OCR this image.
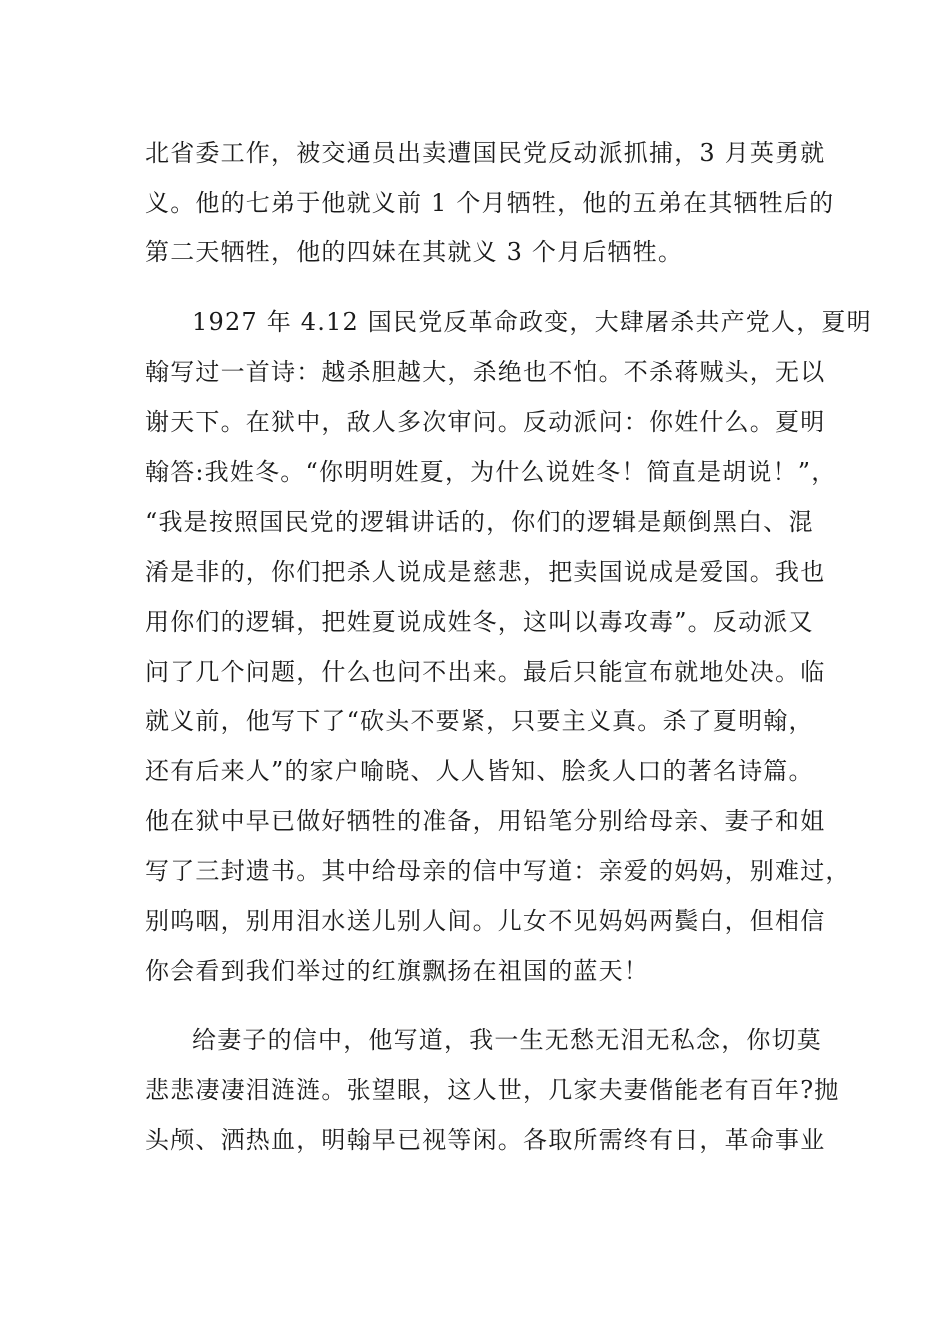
北省委工作，被交通员出卖遭国民党反动派抓捕，3 月英勇就
义。他的七弟于他就义前 1 个月牺牲，他的五弟在其牺牲后的
第二天牺牲，他的四妹在其就义 3 个月后牺牲。
1927 年 4.12 国民党反革命政变，大肆屠杀共产党人，夏明
翰写过一首诗：越杀胆越大，杀绝也不怕。不杀蒋贼头，无以
谢天下。在狱中，敌人多次审问。反动派问：你姓什么。夏明
翰答:我姓冬。“你明明姓夏，为什么说姓冬！简直是胡说！”，
“我是按照国民党的逻辑讲话的，你们的逻辑是颠倒黑白、混
淆是非的，你们把杀人说成是慈悲，把卖国说成是爱国。我也
用你们的逻辑，把姓夏说成姓冬，这叫以毒攻毒”。反动派又
问了几个问题，什么也问不出来。最后只能宣布就地处决。临
就义前，他写下了“砍头不要紧，只要主义真。杀了夏明翰，
还有后来人”的家户喻晓、人人皆知、脍炙人口的著名诗篇。
他在狱中早已做好牺牲的准备，用铅笔分别给母亲、妻子和姐
写了三封遗书。其中给母亲的信中写道：亲爱的妈妈，别难过，
别呜咽，别用泪水送儿别人间。儿女不见妈妈两鬓白，但相信
你会看到我们举过的红旗飘扬在祖国的蓝天！
给妻子的信中，他写道，我一生无愁无泪无私念，你切莫
悲悲凄凄泪涟涟。张望眼，这人世，几家夫妻偕能老有百年?抛
头颅、洒热血，明翰早已视等闲。各取所需终有日，革命事业
